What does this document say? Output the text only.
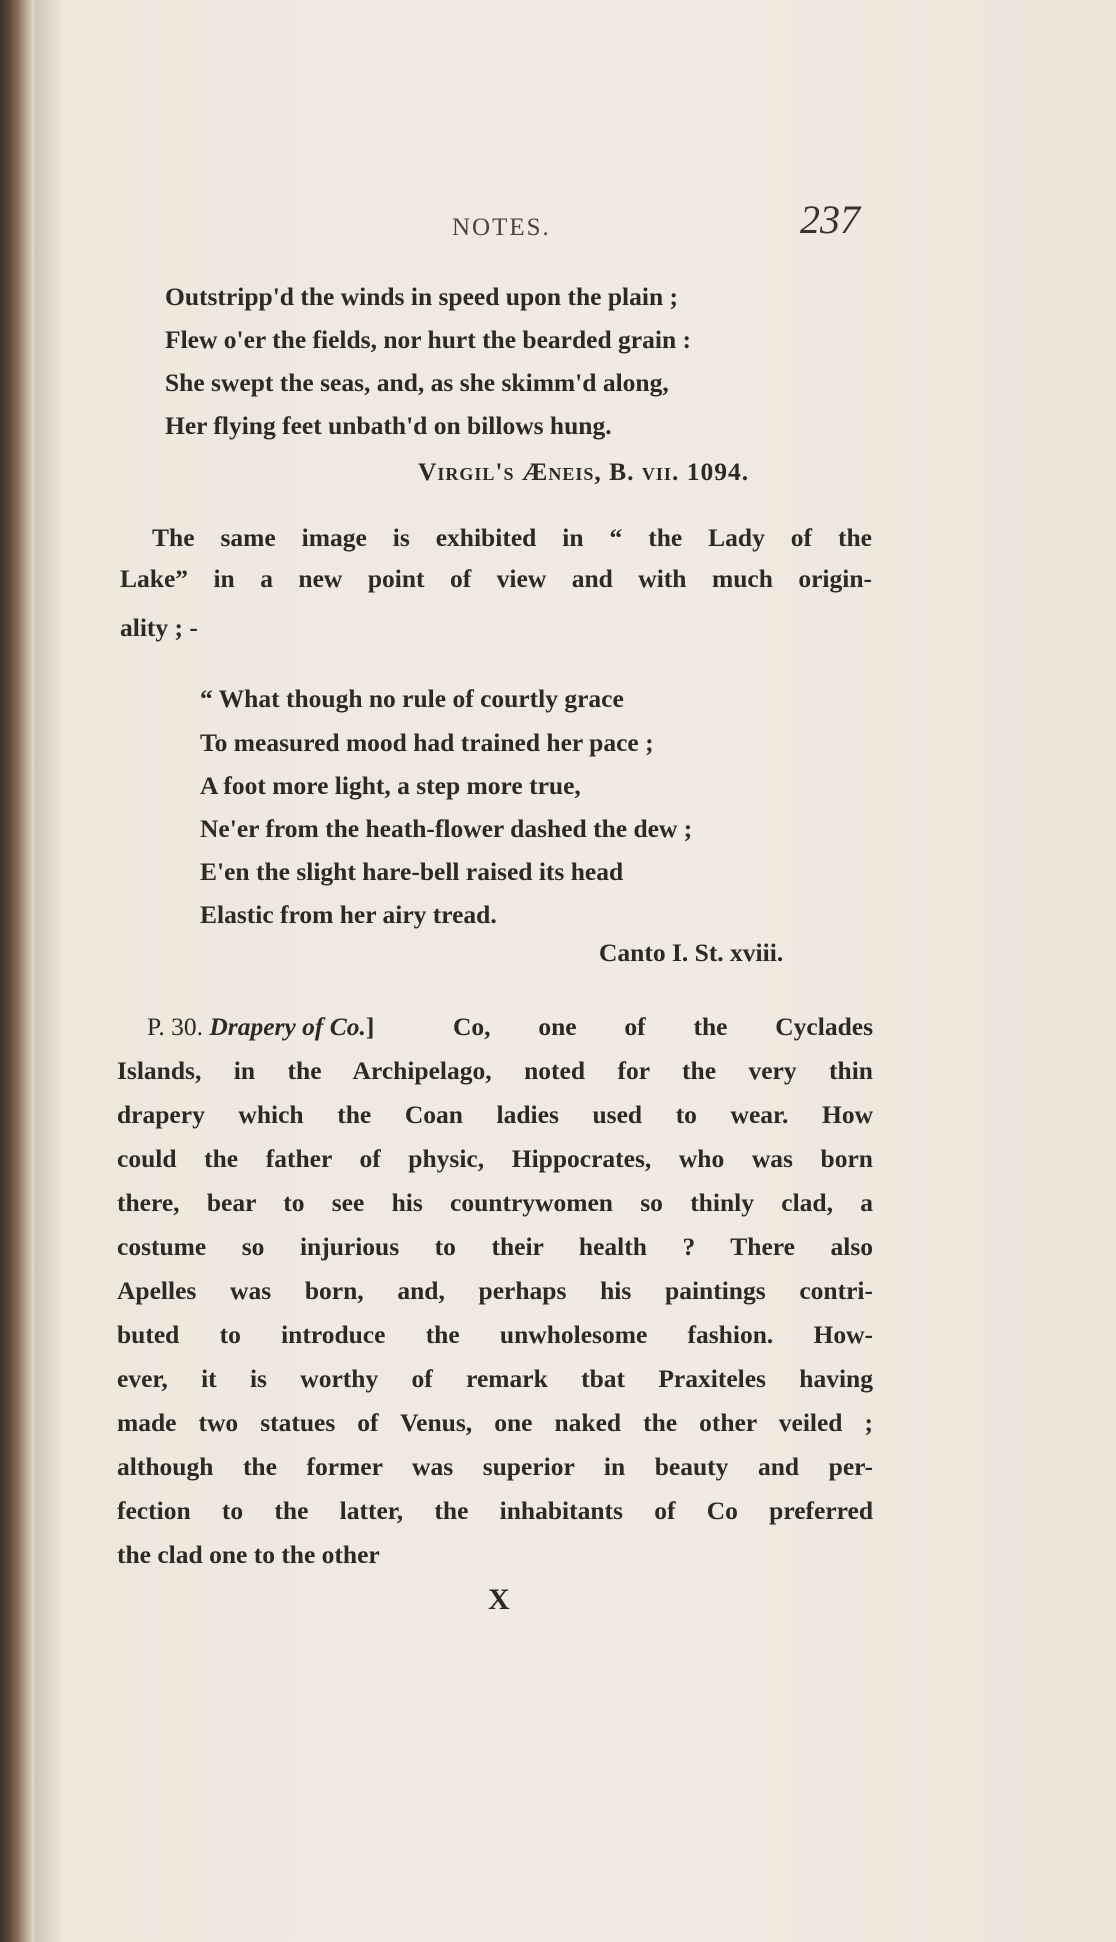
NOTES.	237
Outstripp'd the winds in speed upon the plain ;
Flew o'er the fields, nor hurt the bearded grain :
She swept the seas, and, as she skimm'd along,
Her flying feet unbath'd on billows hung.
Virgil's Æneis, B. vii. 1094.
The same image is exhibited in “ the Lady of the
Lake” in a new point of view and with much origin-
ality ; -
“ What though no rule of courtly grace
To measured mood had trained her pace ;
A foot more light, a step more true,
Ne'er from the heath-flower dashed the dew ;
E'en the slight hare-bell raised its head
Elastic from her airy tread.
Canto I. St. xviii.
P. 30. Drapery of Co.]	Co, one of the Cyclades
Islands, in the Archipelago, noted for the very thin
drapery which the Coan ladies used to wear. How
could the father of physic, Hippocrates, who was born
there, bear to see his countrywomen so thinly clad, a
costume so injurious to their health ? There also
Apelles was born, and, perhaps his paintings contri-
buted to introduce the unwholesome fashion. How-
ever, it is worthy of remark tbat Praxiteles having
made two statues of Venus, one naked the other veiled ;
although the former was superior in beauty and per-
fection to the latter, the inhabitants of Co preferred
the clad one to the other
X
